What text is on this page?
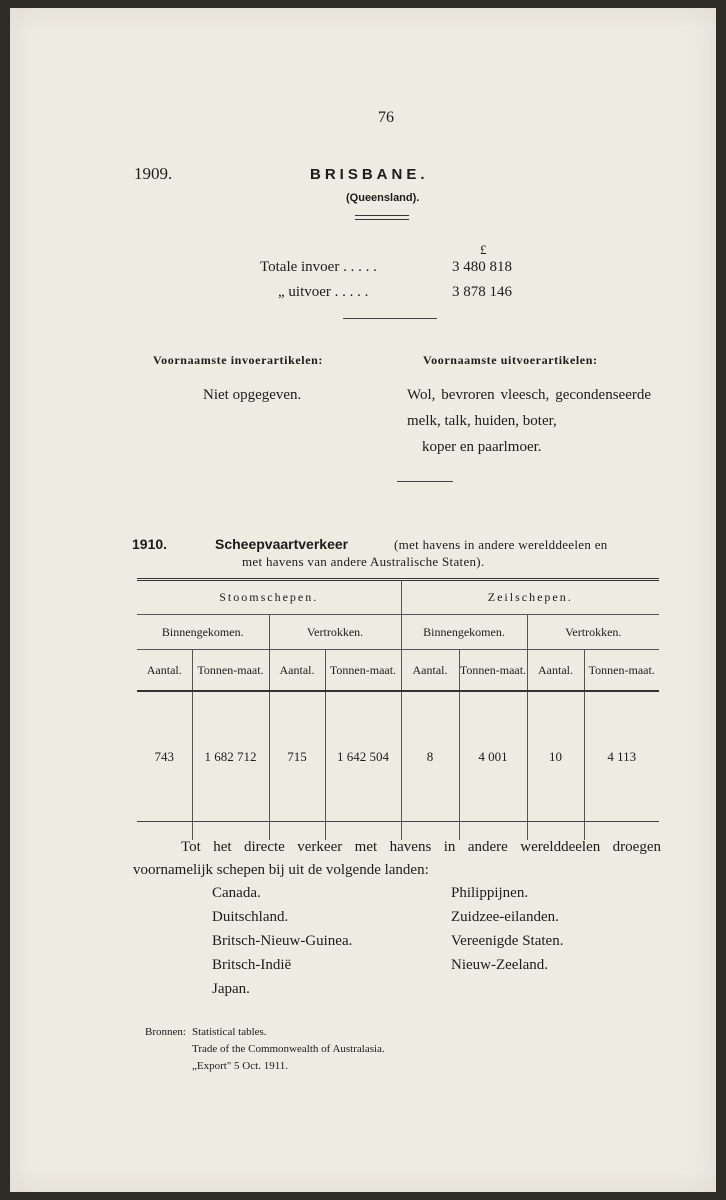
76
1909.	BRISBANE.
(Queensland).
£
Totale invoer . . . . .	3 480 818
„ uitvoer . . . . .	3 878 146
Voornaamste invoerartikelen:
Niet opgegeven.
Voornaamste uitvoerartikelen:
Wol, bevroren vleesch, gecondenseerde melk, talk, huiden, boter,
koper en paarlmoer.
1910.	Scheepvaartverkeer	(met havens in andere werelddeelen en
met havens van andere Australische Staten).
Stoomschepen.				Zeilschepen.			
Binnengekomen.		Vertrokken.		Binnengekomen.		Vertrokken.	
Aantal.	Tonnen-maat.	Aantal.	Tonnen-maat.	Aantal.	Tonnen-maat.	Aantal.	Tonnen-maat.
743	1 682 712	715	1 642 504	8	4 001	10	4 113
Tot het directe verkeer met havens in andere werelddeelen droegen voornamelijk schepen bij uit de volgende landen:
Canada.
Duitschland.
Britsch-Nieuw-Guinea.
Britsch-Indië
Japan.
Philippijnen.
Zuidzee-eilanden.
Vereenigde Staten.
Nieuw-Zeeland.
Bronnen: Statistical tables.
Trade of the Commonwealth of Australasia.
„Export" 5 Oct. 1911.
